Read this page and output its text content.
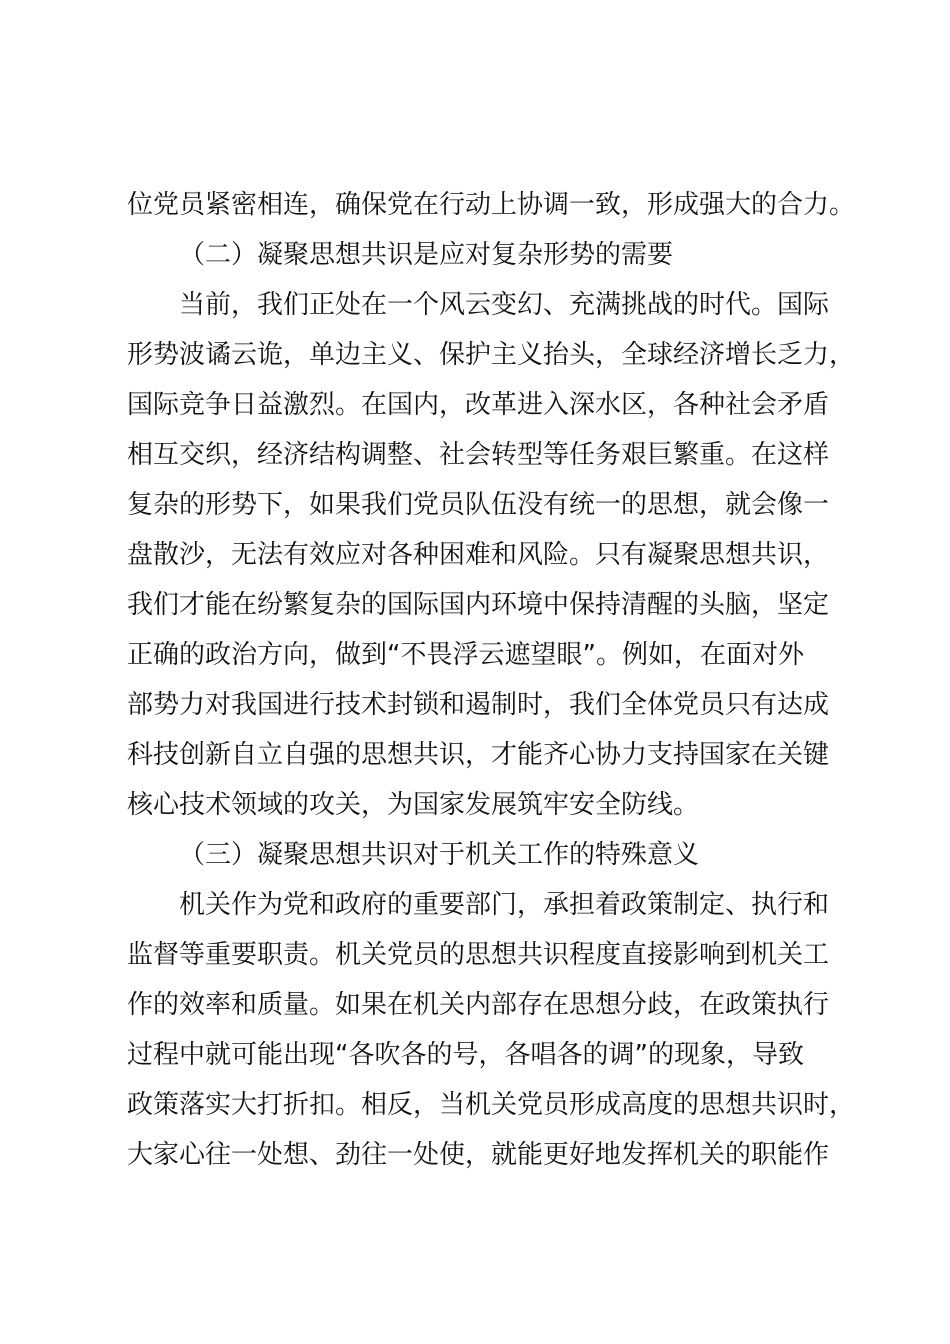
位党员紧密相连，确保党在行动上协调一致，形成强大的合力。
（二）凝聚思想共识是应对复杂形势的需要
当前，我们正处在一个风云变幻、充满挑战的时代。国际
形势波谲云诡，单边主义、保护主义抬头，全球经济增长乏力，
国际竞争日益激烈。在国内，改革进入深水区，各种社会矛盾
相互交织，经济结构调整、社会转型等任务艰巨繁重。在这样
复杂的形势下，如果我们党员队伍没有统一的思想，就会像一
盘散沙，无法有效应对各种困难和风险。只有凝聚思想共识，
我们才能在纷繁复杂的国际国内环境中保持清醒的头脑，坚定
正确的政治方向，做到“不畏浮云遮望眼”。例如，在面对外
部势力对我国进行技术封锁和遏制时，我们全体党员只有达成
科技创新自立自强的思想共识，才能齐心协力支持国家在关键
核心技术领域的攻关，为国家发展筑牢安全防线。
（三）凝聚思想共识对于机关工作的特殊意义
机关作为党和政府的重要部门，承担着政策制定、执行和
监督等重要职责。机关党员的思想共识程度直接影响到机关工
作的效率和质量。如果在机关内部存在思想分歧，在政策执行
过程中就可能出现“各吹各的号，各唱各的调”的现象，导致
政策落实大打折扣。相反，当机关党员形成高度的思想共识时，
大家心往一处想、劲往一处使，就能更好地发挥机关的职能作
